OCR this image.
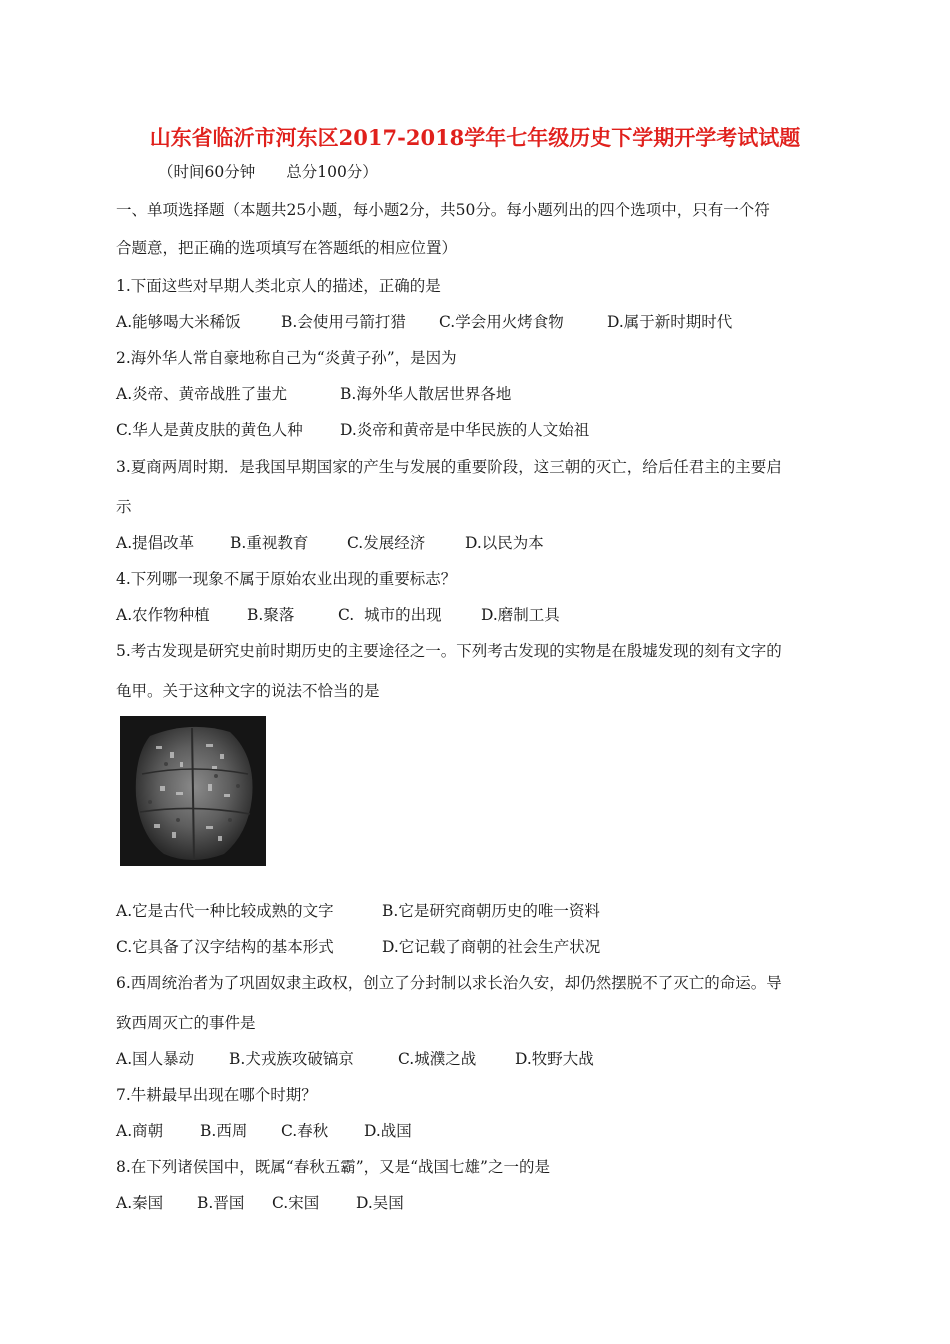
山东省临沂市河东区2017-2018学年七年级历史下学期开学考试试题
（时间60分钟　　总分100分）
一、单项选择题（本题共25小题，每小题2分，共50分。每小题列出的四个选项中，只有一个符
合题意，把正确的选项填写在答题纸的相应位置）
1.下面这些对早期人类北京人的描述，正确的是
A.能够喝大米稀饭	B.会使用弓箭打猎 C.学会用火烤食物	D.属于新时期时代
2.海外华人常自豪地称自己为“炎黄子孙”，是因为
A.炎帝、黄帝战胜了蚩尤	B.海外华人散居世界各地
C.华人是黄皮肤的黄色人种 D.炎帝和黄帝是中华民族的人文始祖
3.夏商两周时期．是我国早期国家的产生与发展的重要阶段，这三朝的灭亡，给后任君主的主要启
示
A.提倡改革 B.重视教育 C.发展经济	D.以民为本
4.下列哪一现象不属于原始农业出现的重要标志？
A.农作物种植 B.聚落	C.  城市的出现	D.磨制工具
5.考古发现是研究史前时期历史的主要途径之一。下列考古发现的实物是在殷墟发现的刻有文字的
龟甲。关于这种文字的说法不恰当的是
A.它是古代一种比较成熟的文字	B.它是研究商朝历史的唯一资料
C.它具备了汉字结构的基本形式	D.它记载了商朝的社会生产状况
6.西周统治者为了巩固奴隶主政权，创立了分封制以求长治久安，却仍然摆脱不了灭亡的命运。导
致西周灭亡的事件是
A.国人暴动 B.犬戎族攻破镐京	C.城濮之战	D.牧野大战
7.牛耕最早出现在哪个时期？
A.商朝 B.西周 C.春秋 D.战国
8.在下列诸侯国中，既属“春秋五霸”，又是“战国七雄”之一的是
A.秦国 B.晋国 C.宋国 D.吴国
